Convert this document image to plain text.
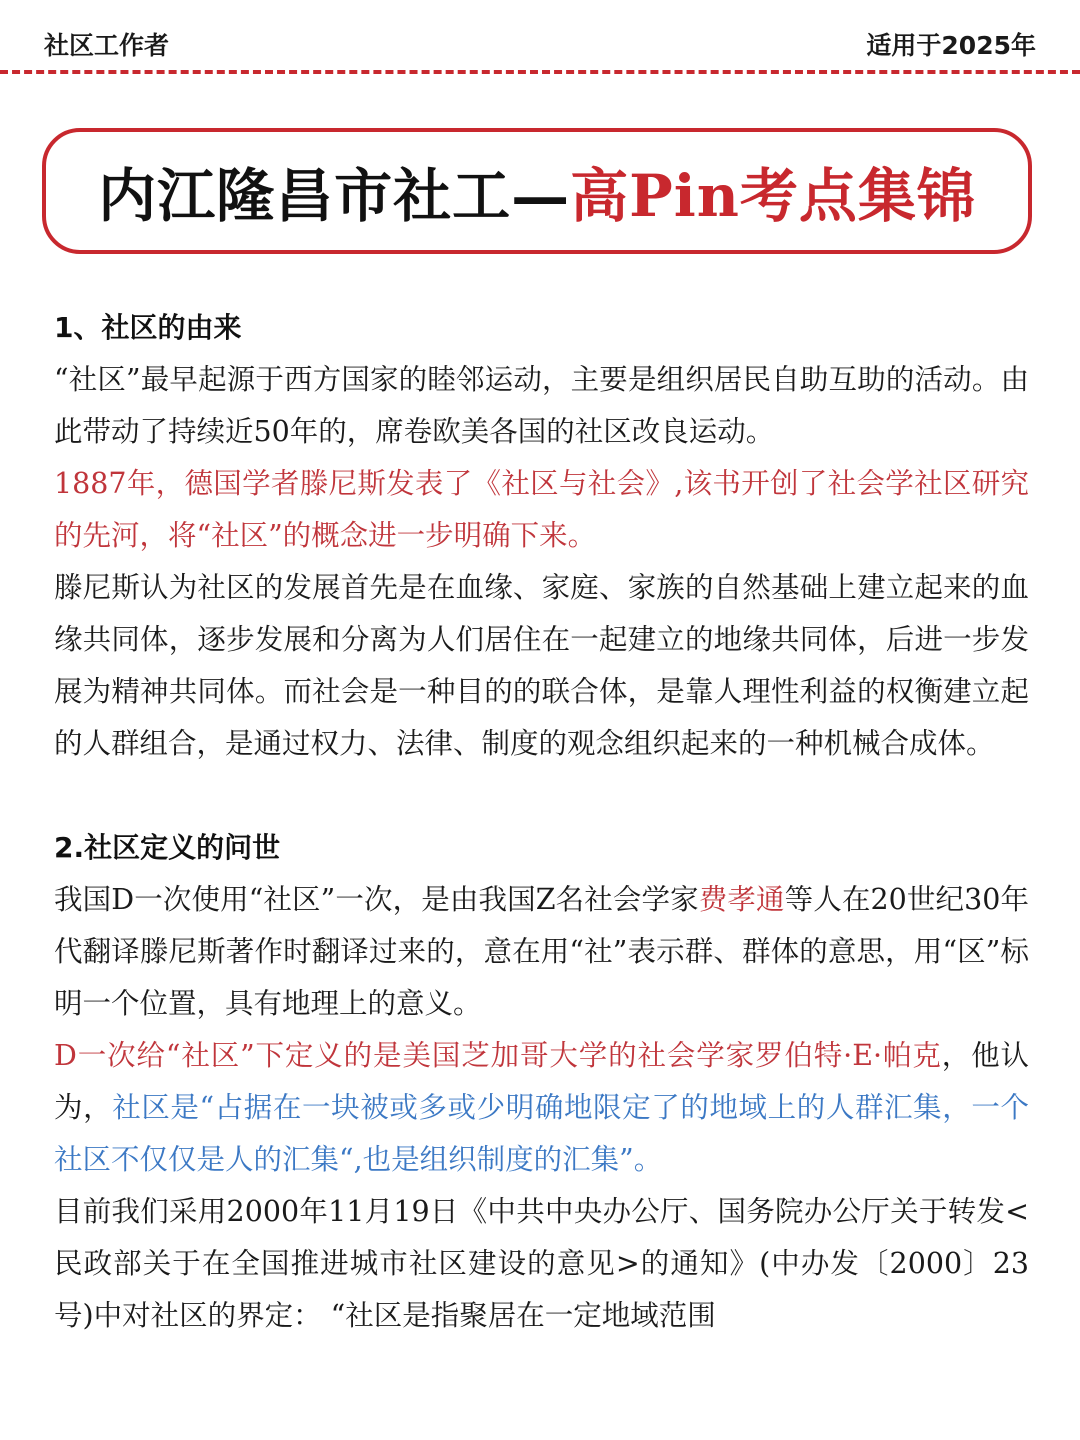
社区工作者	适用于2025年
内江隆昌市社工—高Pin考点集锦
1、社区的由来

“社区”最早起源于西方国家的睦邻运动，主要是组织居民自助互助的活动。由此带动了持续近50年的，席卷欧美各国的社区改良运动。

1887年，德国学者滕尼斯发表了《社区与社会》,该书开创了社会学社区研究的先河，将“社区”的概念进一步明确下来。

滕尼斯认为社区的发展首先是在血缘、家庭、家族的自然基础上建立起来的血缘共同体，逐步发展和分离为人们居住在一起建立的地缘共同体，后进一步发展为精神共同体。而社会是一种目的的联合体，是靠人理性利益的权衡建立起的人群组合，是通过权力、法律、制度的观念组织起来的一种机械合成体。

2.社区定义的问世

我国D一次使用“社区”一次，是由我国Z名社会学家费孝通等人在20世纪30年代翻译滕尼斯著作时翻译过来的，意在用“社”表示群、群体的意思，用“区”标明一个位置，具有地理上的意义。

D一次给“社区”下定义的是美国芝加哥大学的社会学家罗伯特·E·帕克，他认为，社区是“占据在一块被或多或少明确地限定了的地域上的人群汇集，一个社区不仅仅是人的汇集“,也是组织制度的汇集”。

目前我们采用2000年11月19日《中共中央办公厅、国务院办公厅关于转发<民政部关于在全国推进城市社区建设的意见>的通知》(中办发〔2000〕23号)中对社区的界定： “社区是指聚居在一定地域范围
